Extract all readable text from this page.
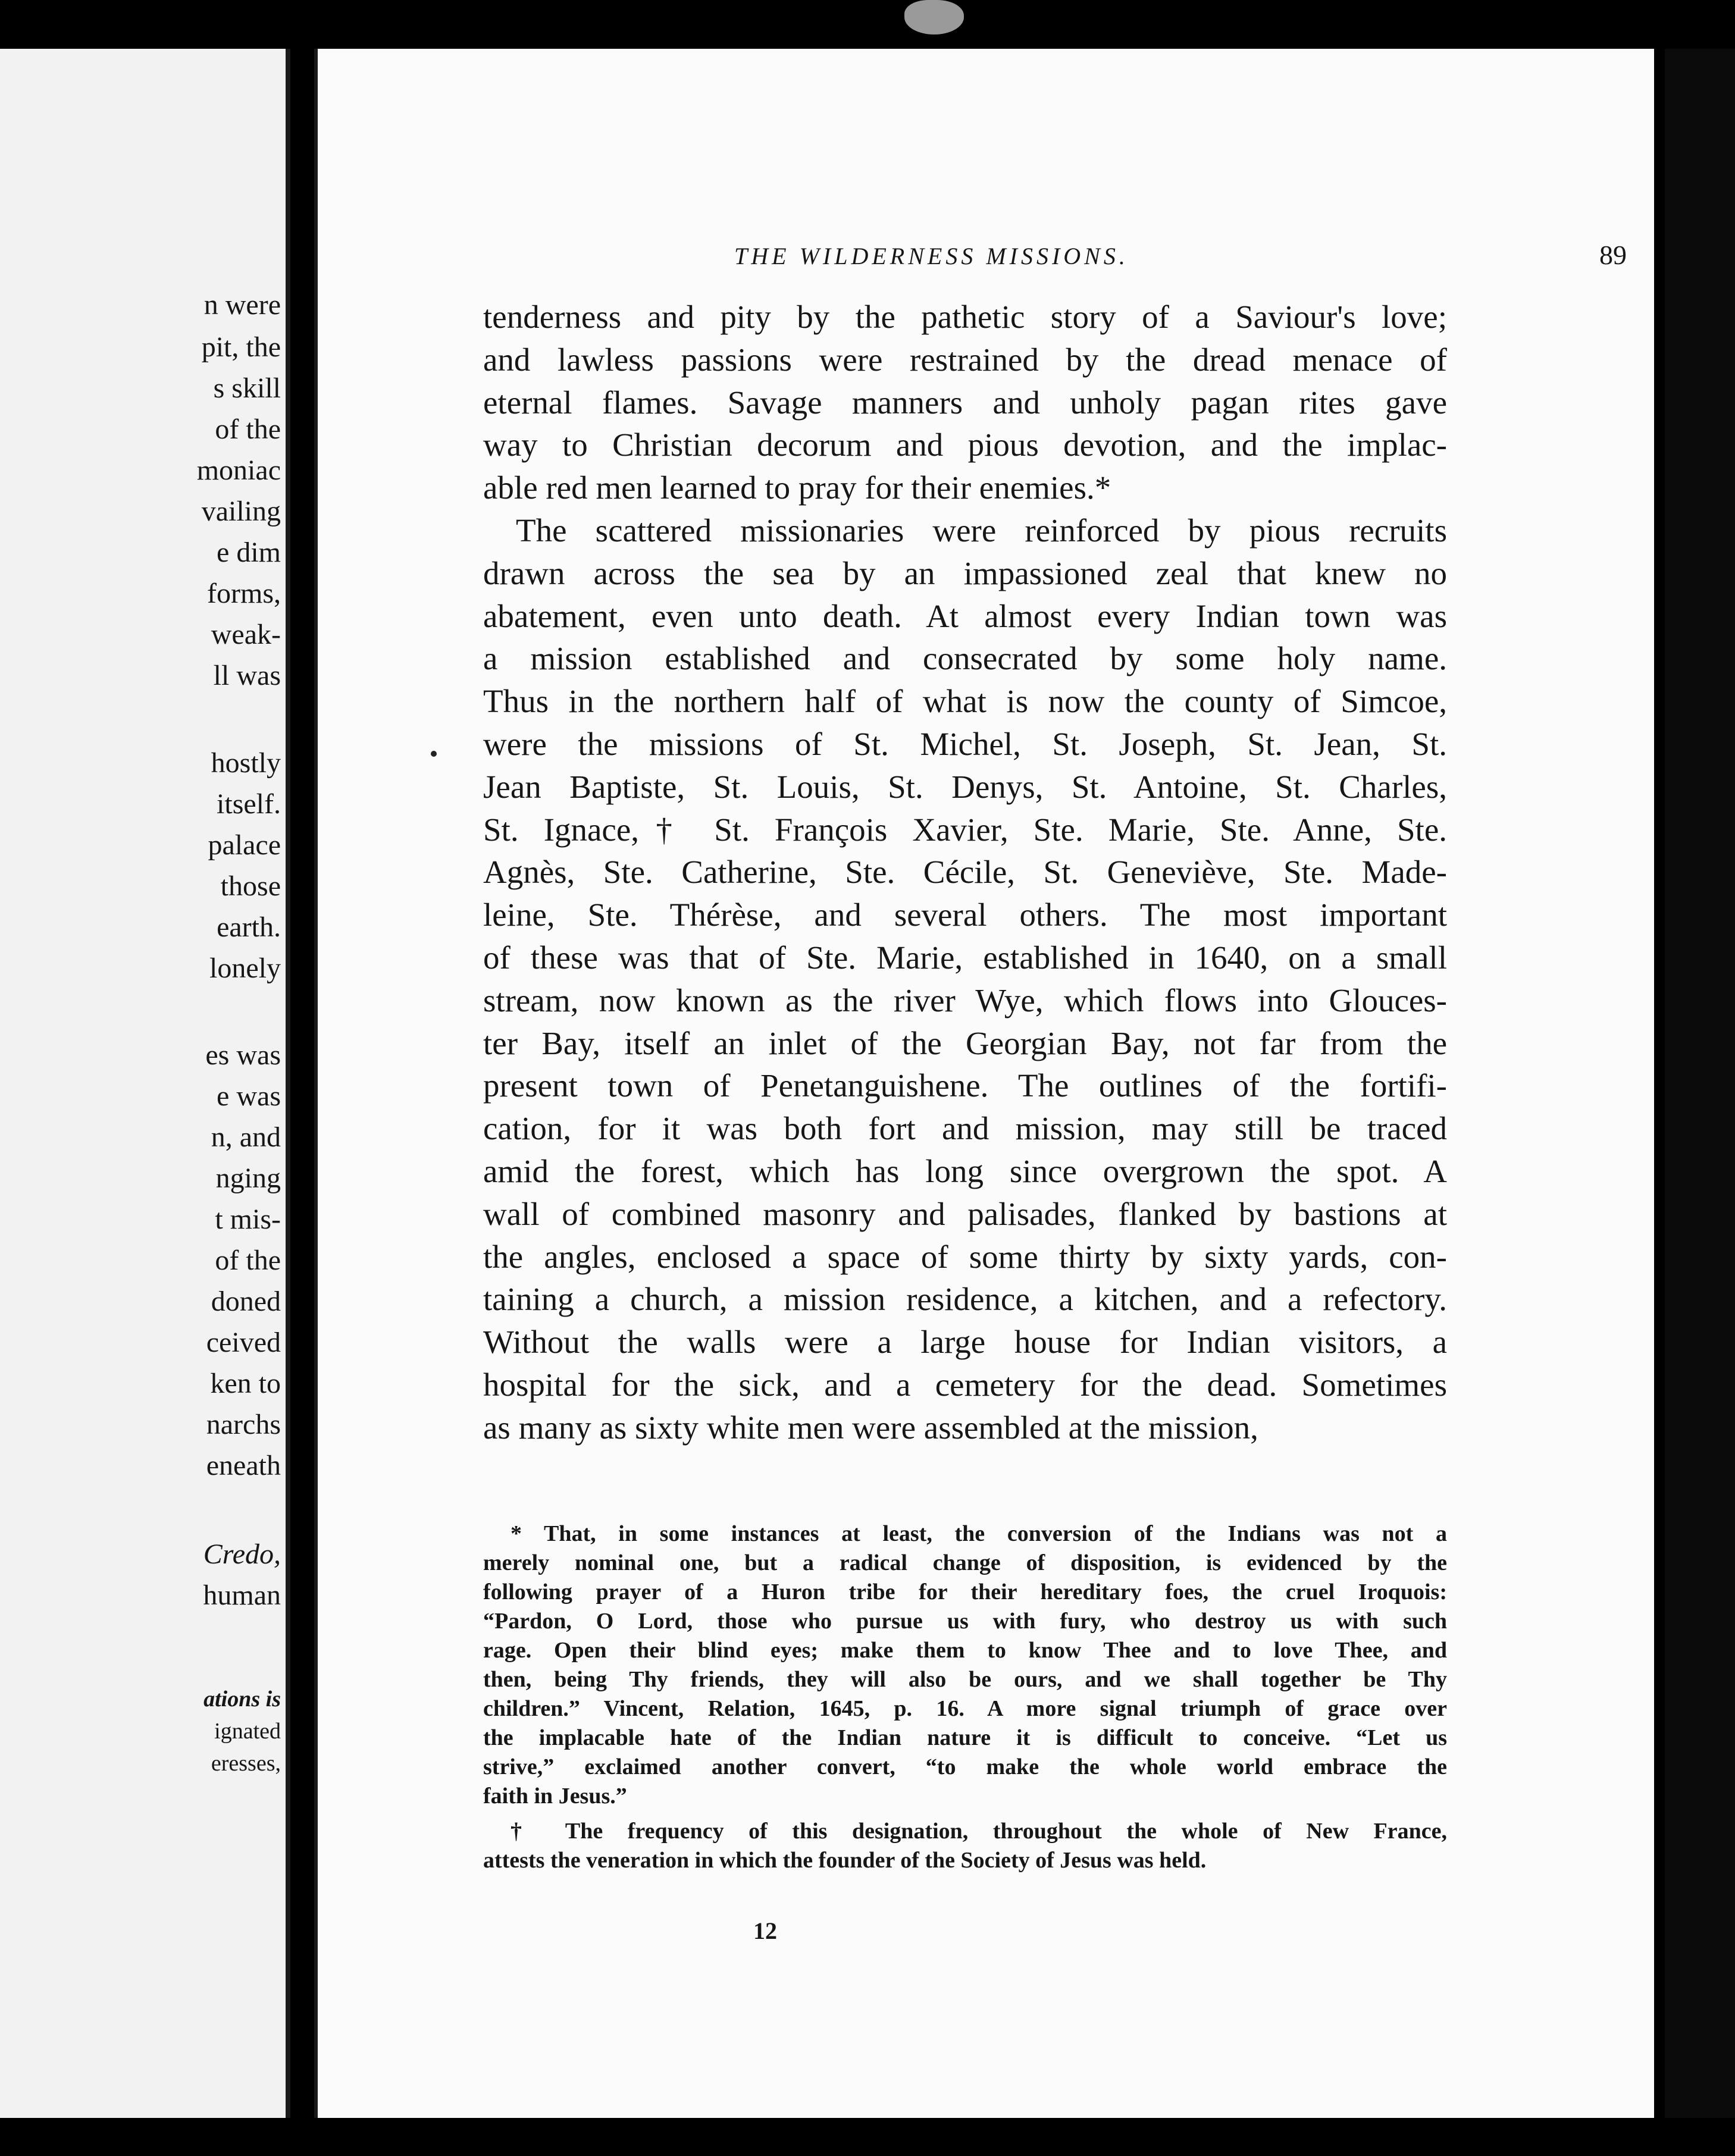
n were
pit, the
s skill
of the
moniac
vailing
e dim
forms,
weak-
ll was
hostly
itself.
palace
those
earth.
lonely
es was
e was
n, and
nging
t mis-
of the
doned
ceived
ken to
narchs
eneath
Credo,
human
ations is
ignated
eresses,
THE WILDERNESS MISSIONS.	89

tenderness and pity by the pathetic story of a Saviour's love;
and lawless passions were restrained by the dread menace of
eternal flames. Savage manners and unholy pagan rites gave
way to Christian decorum and pious devotion, and the implac-
able red men learned to pray for their enemies.*

The scattered missionaries were reinforced by pious recruits
drawn across the sea by an impassioned zeal that knew no
abatement, even unto death. At almost every Indian town was
a mission established and consecrated by some holy name.
Thus in the northern half of what is now the county of Simcoe,
were the missions of St. Michel, St. Joseph, St. Jean, St.
Jean Baptiste, St. Louis, St. Denys, St. Antoine, St. Charles,
St. Ignace,† St. François Xavier, Ste. Marie, Ste. Anne, Ste.
Agnès, Ste. Catherine, Ste. Cécile, St. Geneviève, Ste. Made-
leine, Ste. Thérèse, and several others. The most important
of these was that of Ste. Marie, established in 1640, on a small
stream, now known as the river Wye, which flows into Glouces-
ter Bay, itself an inlet of the Georgian Bay, not far from the
present town of Penetanguishene. The outlines of the fortifi-
cation, for it was both fort and mission, may still be traced
amid the forest, which has long since overgrown the spot. A
wall of combined masonry and palisades, flanked by bastions at
the angles, enclosed a space of some thirty by sixty yards, con-
taining a church, a mission residence, a kitchen, and a refectory.
Without the walls were a large house for Indian visitors, a
hospital for the sick, and a cemetery for the dead. Sometimes
as many as sixty white men were assembled at the mission,

* That, in some instances at least, the conversion of the Indians was not a
merely nominal one, but a radical change of disposition, is evidenced by the
following prayer of a Huron tribe for their hereditary foes, the cruel Iroquois:
“Pardon, O Lord, those who pursue us with fury, who destroy us with such
rage. Open their blind eyes; make them to know Thee and to love Thee, and
then, being Thy friends, they will also be ours, and we shall together be Thy
children.” Vincent, Relation, 1645, p. 16. A more signal triumph of grace over
the implacable hate of the Indian nature it is difficult to conceive. “Let us
strive,” exclaimed another convert, “to make the whole world embrace the
faith in Jesus.”
† The frequency of this designation, throughout the whole of New France,
attests the veneration in which the founder of the Society of Jesus was held.
12
